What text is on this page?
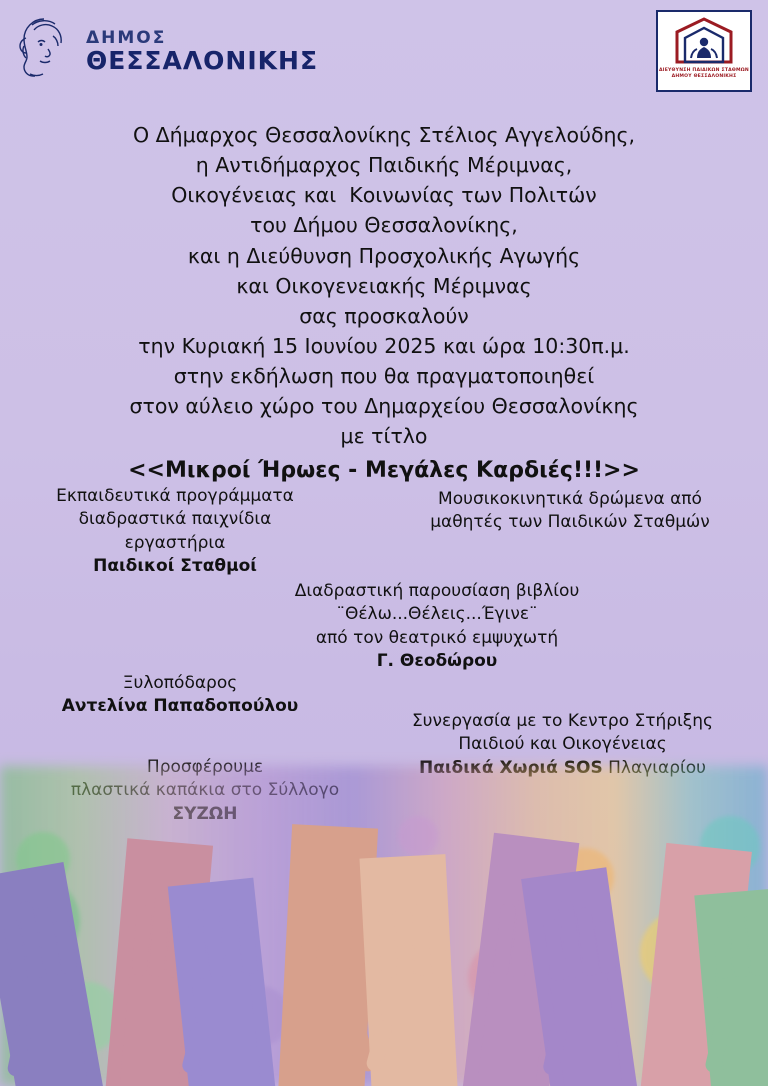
ΔΗΜΟΣ
ΘΕΣΣΑΛΟΝΙΚΗΣ	ΔΙΕΥΘΥΝΣΗ ΠΑΙΔΙΚΩΝ ΣΤΑΘΜΩΝ ΔΗΜΟΥ ΘΕΣΣΑΛΟΝΙΚΗΣ
Ο Δήμαρχος Θεσσαλονίκης Στέλιος Αγγελούδης,
η Αντιδήμαρχος Παιδικής Μέριμνας,
Οικογένειας και  Κοινωνίας των Πολιτών
του Δήμου Θεσσαλονίκης,
και η Διεύθυνση Προσχολικής Αγωγής
και Οικογενειακής Μέριμνας
σας προσκαλούν
την Κυριακή 15 Ιουνίου 2025 και ώρα 10:30π.μ.
στην εκδήλωση που θα πραγματοποιηθεί
στον αύλειο χώρο του Δημαρχείου Θεσσαλονίκης
με τίτλο
<<Μικροί Ήρωες - Μεγάλες Καρδιές!!!>>
Εκπαιδευτικά προγράμματα
διαδραστικά παιχνίδια
εργαστήρια
Παιδικοί Σταθμοί
Μουσικοκινητικά δρώμενα από
μαθητές των Παιδικών Σταθμών
Διαδραστική παρουσίαση βιβλίου
¨Θέλω...Θέλεις...Έγινε¨
από τον θεατρικό εμψυχωτή
Γ. Θεοδώρου
Ξυλοπόδαρος
Αντελίνα Παπαδοπούλου
Συνεργασία με το Κεντρο Στήριξης
Παιδιού και Οικογένειας
